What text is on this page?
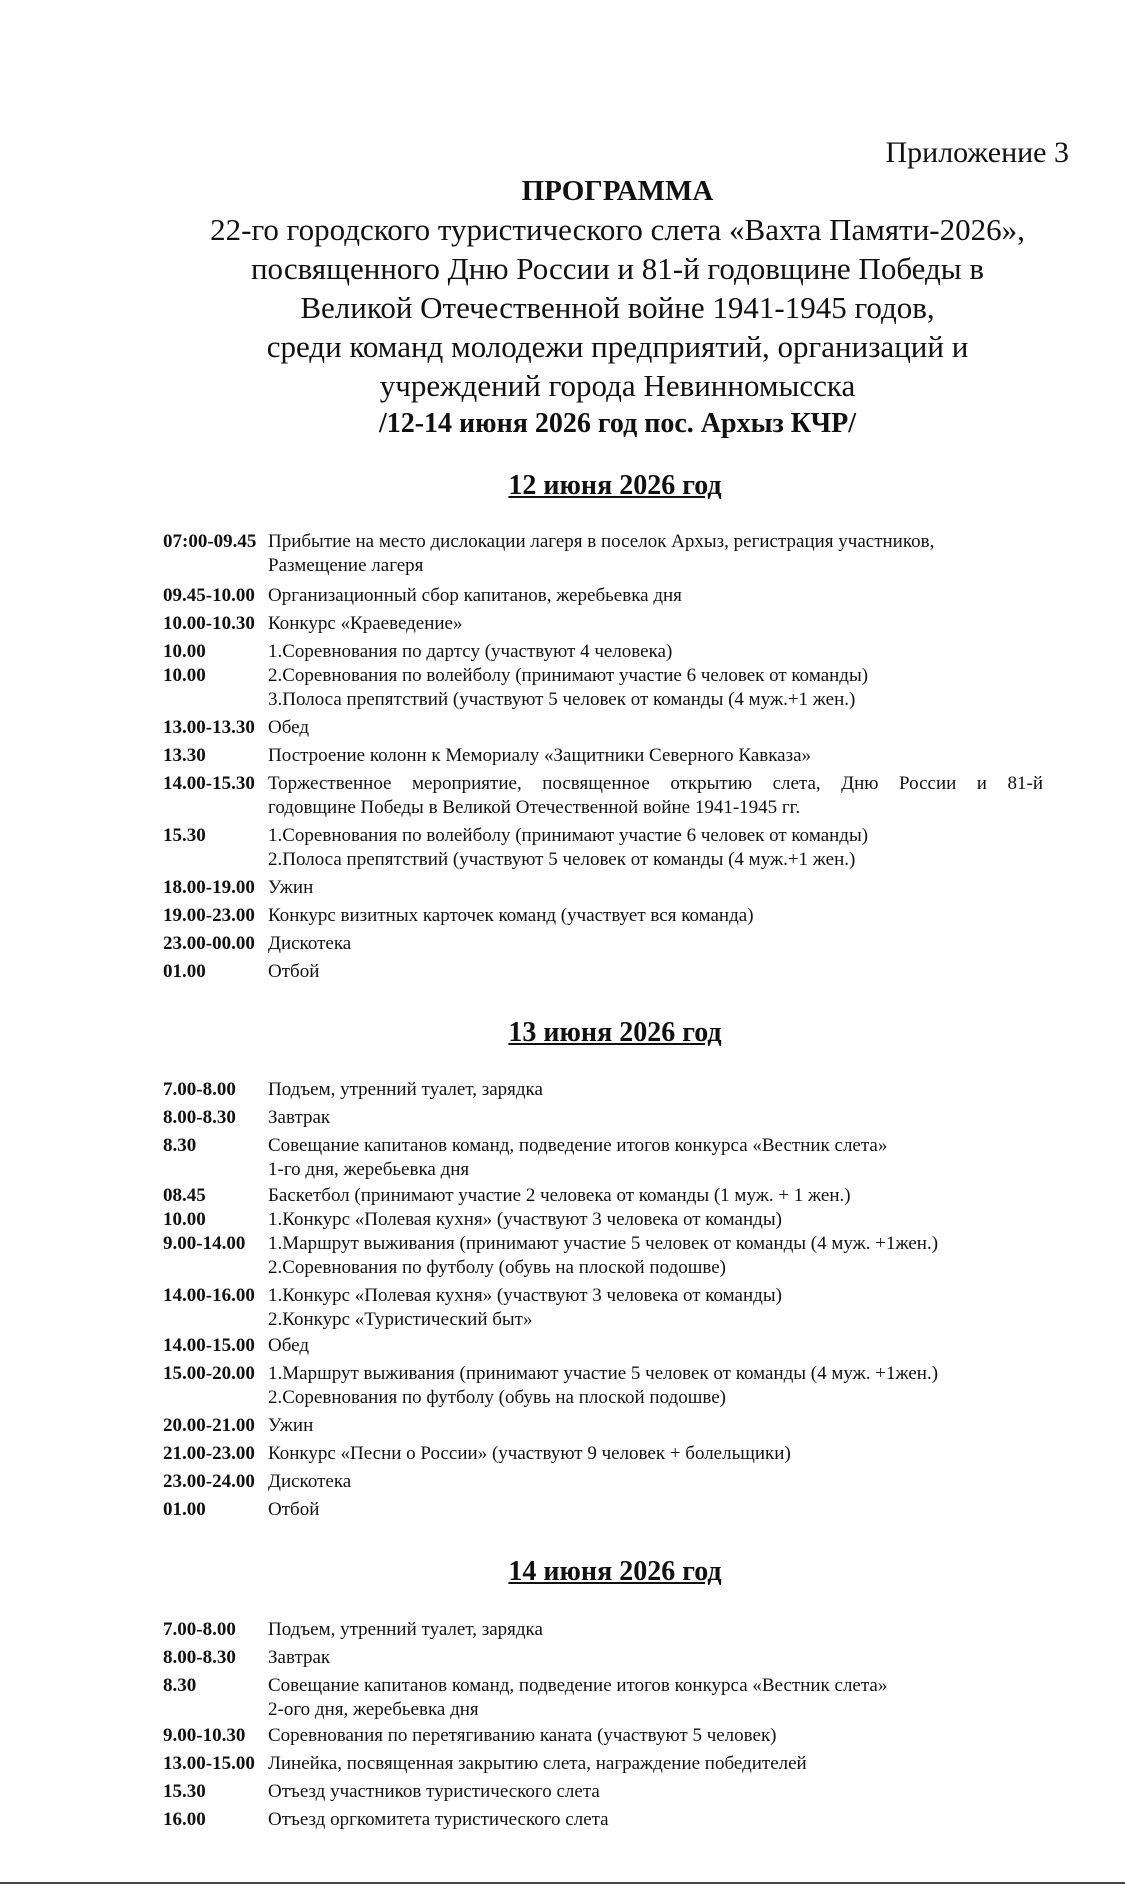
Приложение 3
ПРОГРАММА
22-го городского туристического слета «Вахта Памяти-2026»,
посвященного Дню России и 81-й годовщине Победы в
Великой Отечественной войне 1941-1945 годов,
среди команд молодежи предприятий, организаций и
учреждений города Невинномысска
/12-14 июня 2026 год пос. Архыз КЧР/
12 июня 2026 год
07:00-09.45 Прибытие на место дислокации лагеря в поселок Архыз, регистрация участников,
Размещение лагеря
09.45-10.00 Организационный сбор капитанов, жеребьевка дня
10.00-10.30 Конкурс «Краеведение»
10.00	1.Соревнования по дартсу (участвуют 4 человека)
10.00	2.Соревнования по волейболу (принимают участие 6 человек от команды)
3.Полоса препятствий (участвуют 5 человек от команды (4 муж.+1 жен.)
13.00-13.30 Обед
13.30	Построение колонн к Мемориалу «Защитники Северного Кавказа»
14.00-15.30 Торжественное мероприятие, посвященное открытию слета, Дню России и 81-й
годовщине Победы в Великой Отечественной войне 1941-1945 гг.
15.30	1.Соревнования по волейболу (принимают участие 6 человек от команды)
2.Полоса препятствий (участвуют 5 человек от команды (4 муж.+1 жен.)
18.00-19.00 Ужин
19.00-23.00 Конкурс визитных карточек команд (участвует вся команда)
23.00-00.00 Дискотека
01.00	Отбой
13 июня 2026 год
7.00-8.00 Подъем, утренний туалет, зарядка
8.00-8.30 Завтрак
8.30	Совещание капитанов команд, подведение итогов конкурса «Вестник слета»
1-го дня, жеребьевка дня
08.45	Баскетбол (принимают участие 2 человека от команды (1 муж. + 1 жен.)
10.00	1.Конкурс «Полевая кухня» (участвуют 3 человека от команды)
9.00-14.00 1.Маршрут выживания (принимают участие 5 человек от команды (4 муж. +1жен.)
2.Соревнования по футболу (обувь на плоской подошве)
14.00-16.00 1.Конкурс «Полевая кухня» (участвуют 3 человека от команды)
2.Конкурс «Туристический быт»
14.00-15.00 Обед
15.00-20.00 1.Маршрут выживания (принимают участие 5 человек от команды (4 муж. +1жен.)
2.Соревнования по футболу (обувь на плоской подошве)
20.00-21.00 Ужин
21.00-23.00 Конкурс «Песни о России» (участвуют 9 человек + болельщики)
23.00-24.00 Дискотека
01.00	Отбой
14 июня 2026 год
7.00-8.00 Подъем, утренний туалет, зарядка
8.00-8.30 Завтрак
8.30	Совещание капитанов команд, подведение итогов конкурса «Вестник слета»
2-ого дня, жеребьевка дня
9.00-10.30 Соревнования по перетягиванию каната (участвуют 5 человек)
13.00-15.00 Линейка, посвященная закрытию слета, награждение победителей
15.30	Отъезд участников туристического слета
16.00	Отъезд оргкомитета туристического слета
